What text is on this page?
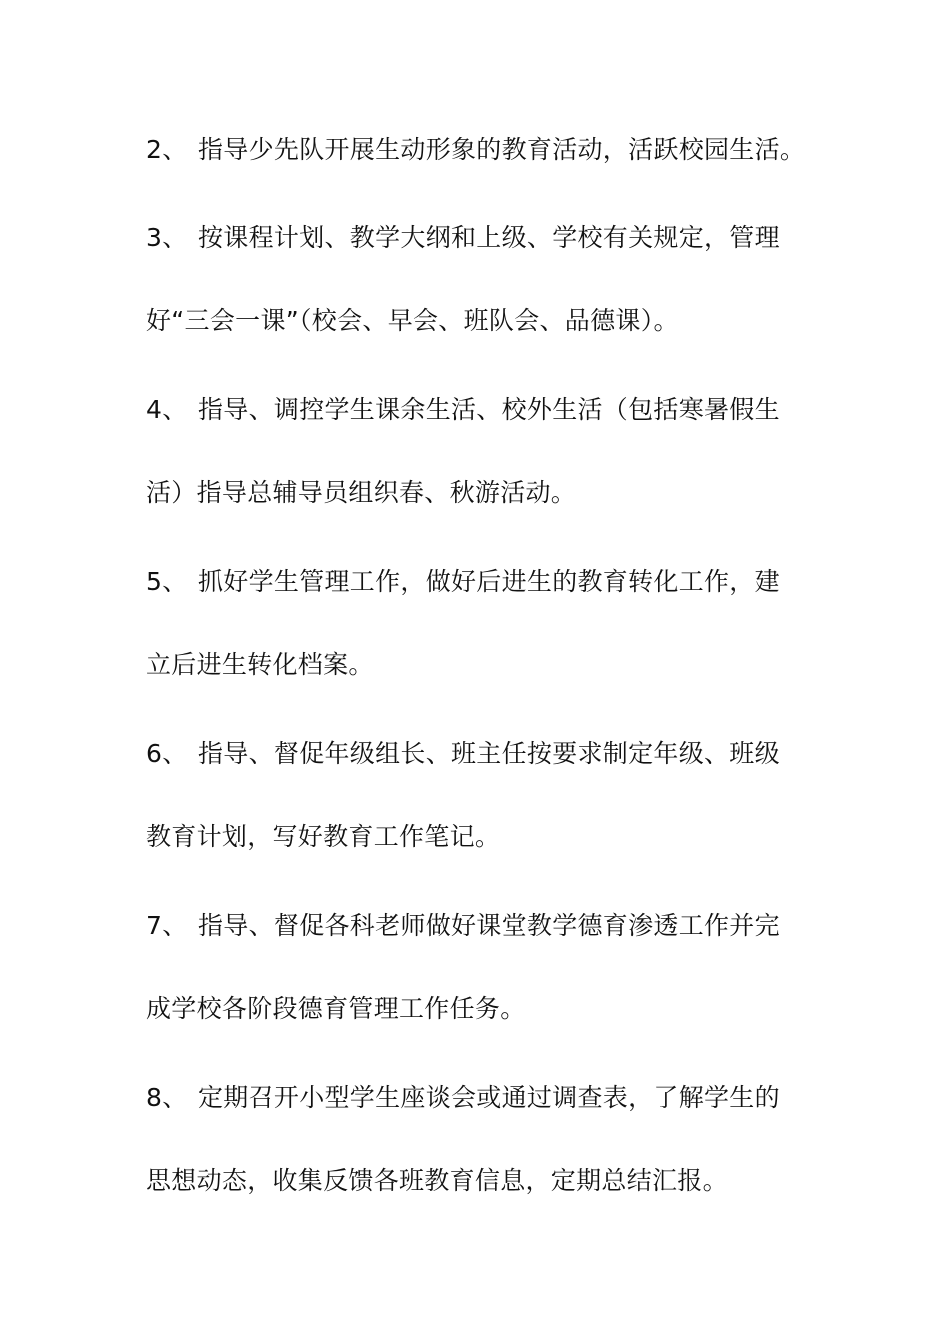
2、 指导少先队开展生动形象的教育活动，活跃校园生活。
3、 按课程计划、教学大纲和上级、学校有关规定，管理
好“三会一课”（校会、早会、班队会、品德课）。
4、 指导、调控学生课余生活、校外生活（包括寒暑假生
活）指导总辅导员组织春、秋游活动。
5、 抓好学生管理工作，做好后进生的教育转化工作，建
立后进生转化档案。
6、 指导、督促年级组长、班主任按要求制定年级、班级
教育计划，写好教育工作笔记。
7、 指导、督促各科老师做好课堂教学德育渗透工作并完
成学校各阶段德育管理工作任务。
8、 定期召开小型学生座谈会或通过调查表，了解学生的
思想动态，收集反馈各班教育信息，定期总结汇报。
